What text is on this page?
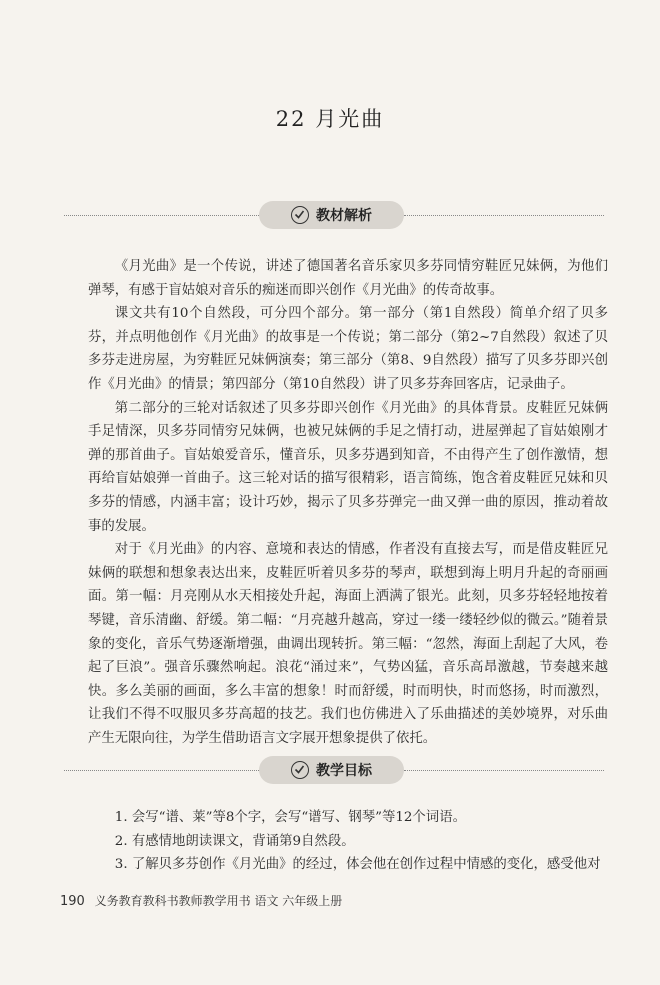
22 月光曲
教材解析

《月光曲》是一个传说，讲述了德国著名音乐家贝多芬同情穷鞋匠兄妹俩，为他们弹琴，有感于盲姑娘对音乐的痴迷而即兴创作《月光曲》的传奇故事。

课文共有10个自然段，可分四个部分。第一部分（第1自然段）简单介绍了贝多芬，并点明他创作《月光曲》的故事是一个传说；第二部分（第2~7自然段）叙述了贝多芬走进房屋，为穷鞋匠兄妹俩演奏；第三部分（第8、9自然段）描写了贝多芬即兴创作《月光曲》的情景；第四部分（第10自然段）讲了贝多芬奔回客店，记录曲子。

第二部分的三轮对话叙述了贝多芬即兴创作《月光曲》的具体背景。皮鞋匠兄妹俩手足情深，贝多芬同情穷兄妹俩，也被兄妹俩的手足之情打动，进屋弹起了盲姑娘刚才弹的那首曲子。盲姑娘爱音乐，懂音乐，贝多芬遇到知音，不由得产生了创作激情，想再给盲姑娘弹一首曲子。这三轮对话的描写很精彩，语言简练，饱含着皮鞋匠兄妹和贝多芬的情感，内涵丰富；设计巧妙，揭示了贝多芬弹完一曲又弹一曲的原因，推动着故事的发展。

对于《月光曲》的内容、意境和表达的情感，作者没有直接去写，而是借皮鞋匠兄妹俩的联想和想象表达出来，皮鞋匠听着贝多芬的琴声，联想到海上明月升起的奇丽画面。第一幅：月亮刚从水天相接处升起，海面上洒满了银光。此刻，贝多芬轻轻地按着琴键，音乐清幽、舒缓。第二幅：“月亮越升越高，穿过一缕一缕轻纱似的微云。”随着景象的变化，音乐气势逐渐增强，曲调出现转折。第三幅：“忽然，海面上刮起了大风，卷起了巨浪”。强音乐骤然响起。浪花“涌过来”，气势凶猛，音乐高昂激越，节奏越来越快。多么美丽的画面，多么丰富的想象！时而舒缓，时而明快，时而悠扬，时而激烈，让我们不得不叹服贝多芬高超的技艺。我们也仿佛进入了乐曲描述的美妙境界，对乐曲产生无限向往，为学生借助语言文字展开想象提供了依托。

教学目标
1. 会写“谱、莱”等8个字，会写“谱写、钢琴”等12个词语。
2. 有感情地朗读课文，背诵第9自然段。
3. 了解贝多芬创作《月光曲》的经过，体会他在创作过程中情感的变化，感受他对
190 义务教育教科书教师教学用书 语文 六年级上册
